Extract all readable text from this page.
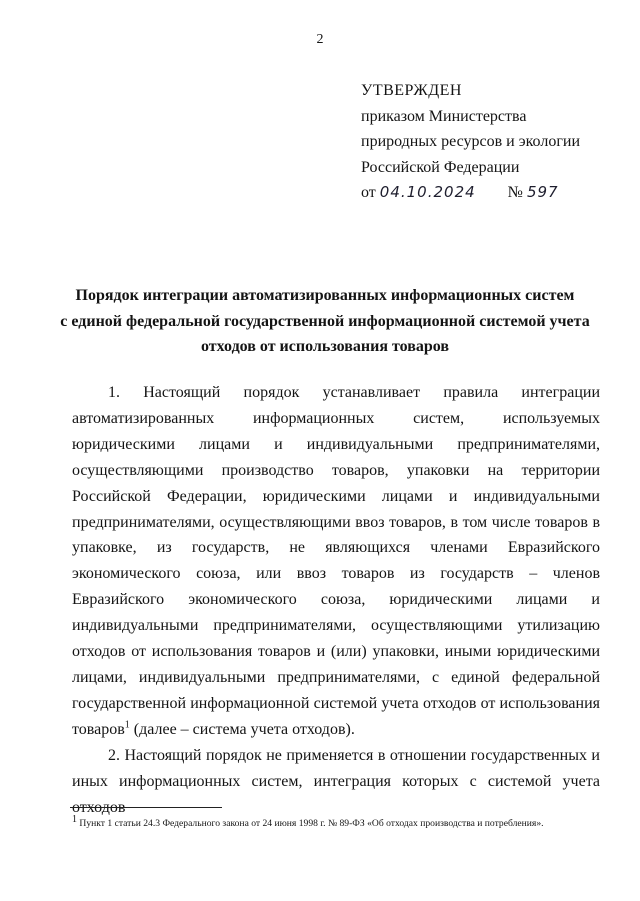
2
УТВЕРЖДЕН
приказом Министерства
природных ресурсов и экологии
Российской Федерации
от 04.10.2024 № 597
Порядок интеграции автоматизированных информационных систем
с единой федеральной государственной информационной системой учета
отходов от использования товаров

1. Настоящий порядок устанавливает правила интеграции автоматизированных информационных систем, используемых юридическими лицами и индивидуальными предпринимателями, осуществляющими производство товаров, упаковки на территории Российской Федерации, юридическими лицами и индивидуальными предпринимателями, осуществляющими ввоз товаров, в том числе товаров в упаковке, из государств, не являющихся членами Евразийского экономического союза, или ввоз товаров из государств – членов Евразийского экономического союза, юридическими лицами и индивидуальными предпринимателями, осуществляющими утилизацию отходов от использования товаров и (или) упаковки, иными юридическими лицами, индивидуальными предпринимателями, с единой федеральной государственной информационной системой учета отходов от использования товаров$^1$ (далее – система учета отходов).

2. Настоящий порядок не применяется в отношении государственных и иных информационных систем, интеграция которых с системой учета отходов

$^1$ Пункт 1 статьи 24.3 Федерального закона от 24 июня 1998 г. № 89-ФЗ «Об отходах производства и потребления».
